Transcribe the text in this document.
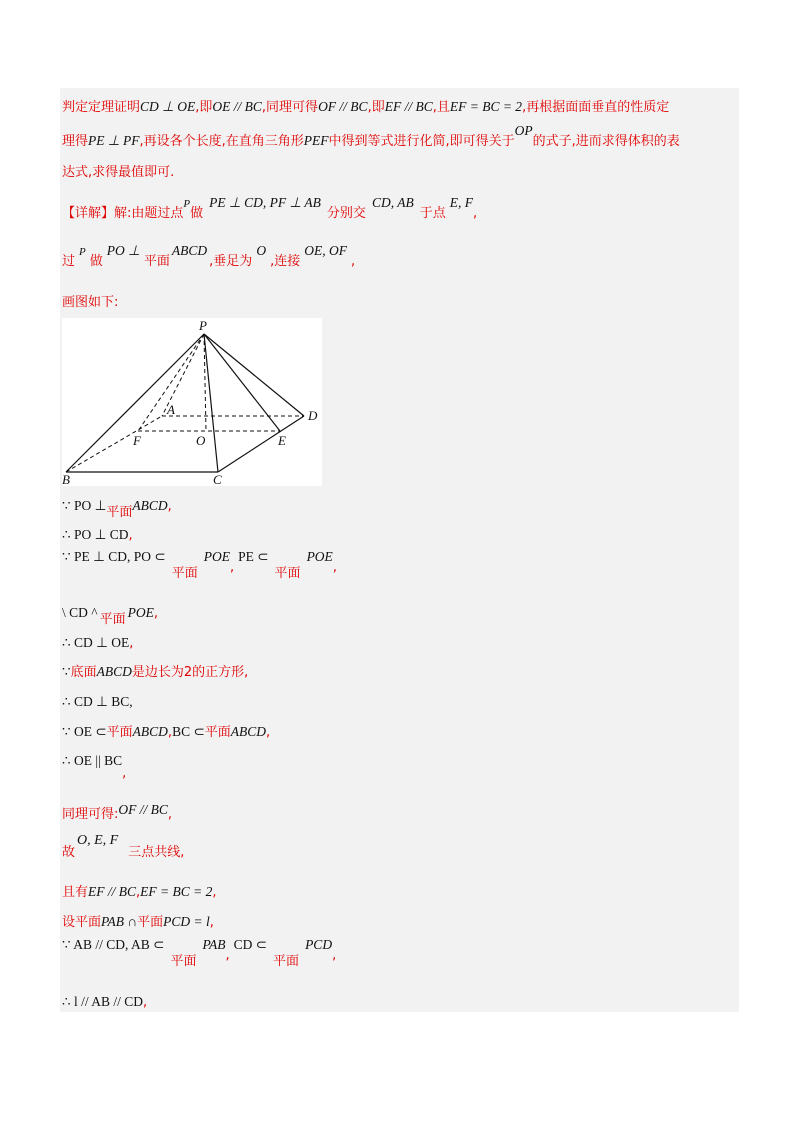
判定定理证明CD ⊥ OE,即OE // BC,同理可得OF // BC,即EF // BC,且EF = BC = 2,再根据面面垂直的性质定
理得PE ⊥ PF,再设各个长度,在直角三角形PEF中得到等式进行化简,即可得关于OP的式子,进而求得体积的表
达式,求得最值即可.
【详解】解:由题过点$^P$做PE ⊥ CD, PF ⊥ AB分别交CD, AB于点E, F,
过$^P$做PO ⊥平面ABCD,垂足为O,连接OE, OF,
画图如下:
P
A	D
F	O	E
B	C
∵ PO ⊥平面ABCD,
∴ PO ⊥ CD,
∵ PE ⊥ CD, PO ⊂平面POE,PE ⊂平面POE,
\ CD ^ 平面 POE,
∴ CD ⊥ OE,
∵底面ABCD是边长为2的正方形,
∴ CD ⊥ BC,
∵ OE ⊂平面ABCD,BC ⊂平面ABCD,
∴ OE || BC,
同理可得:OF // BC,
故O, E, F三点共线,
且有EF // BC,EF = BC = 2,
设平面PAB ∩平面PCD = l,
∵ AB // CD, AB ⊂平面PAB,CD ⊂平面PCD,
∴ l // AB // CD,
